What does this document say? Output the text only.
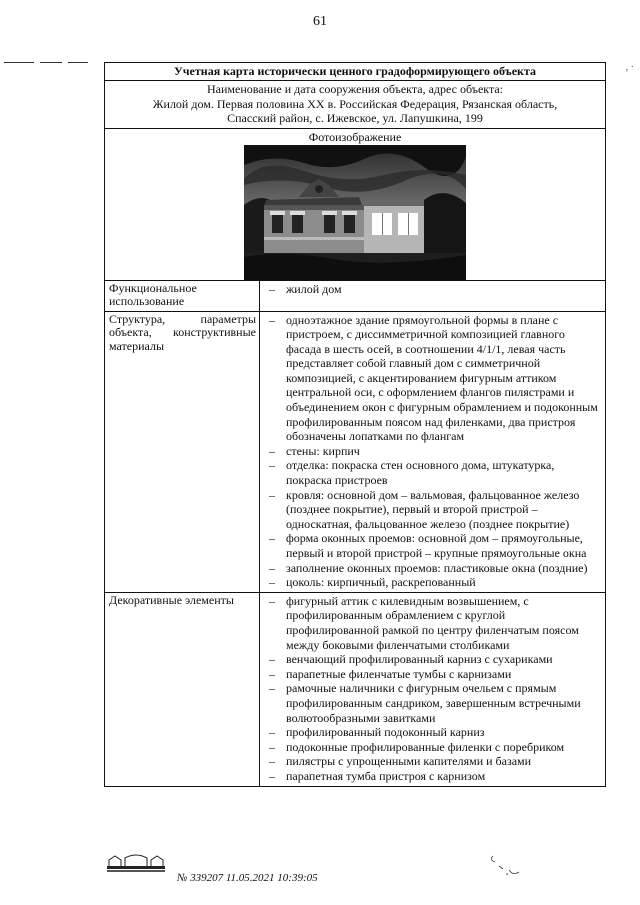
61
, ·
Учетная карта исторически ценного градоформирующего объекта
Наименование и дата сооружения объекта, адрес объекта:
Жилой дом. Первая половина XX в. Российская Федерация, Рязанская область,
Спасский район, с. Ижевское, ул. Лапушкина, 199
Фотоизображение
Функциональное использование
– жилой дом
Структура, параметры объекта, конструктивные материалы
– одноэтажное здание прямоугольной формы в плане с пристроем, с диссимметричной композицией главного фасада в шесть осей, в соотношении 4/1/1, левая часть представляет собой главный дом с симметричной композицией, с акцентированием фигурным аттиком центральной оси, с оформлением флангов пилястрами и объединением окон с фигурным обрамлением и подоконным профилированным поясом над филенками, два пристроя обозначены лопатками по флангам
– стены: кирпич
– отделка: покраска стен основного дома, штукатурка, покраска пристроев
– кровля: основной дом – вальмовая, фальцованное железо (позднее покрытие), первый и второй пристрой – односкатная, фальцованное железо (позднее покрытие)
– форма оконных проемов: основной дом – прямоугольные, первый и второй пристрой – крупные прямоугольные окна
– заполнение оконных проемов: пластиковые окна (поздние)
– цоколь: кирпичный, раскрепованный
Декоративные элементы
–	фигурный аттик с килевидным возвышением, с профилированным обрамлением с круглой профилированной рамкой по центру филенчатым поясом между боковыми филенчатыми столбиками
– венчающий профилированный карниз с сухариками
– парапетные филенчатые тумбы с карнизами
– рамочные наличники с фигурным очельем с прямым профилированным сандриком, завершенным встречными волютообразными завитками
– профилированный подоконный карниз
– подоконные профилированные филенки с поребриком
– пилястры с упрощенными капителями и базами
– парапетная тумба пристроя с карнизом
№ 339207 11.05.2021 10:39:05
